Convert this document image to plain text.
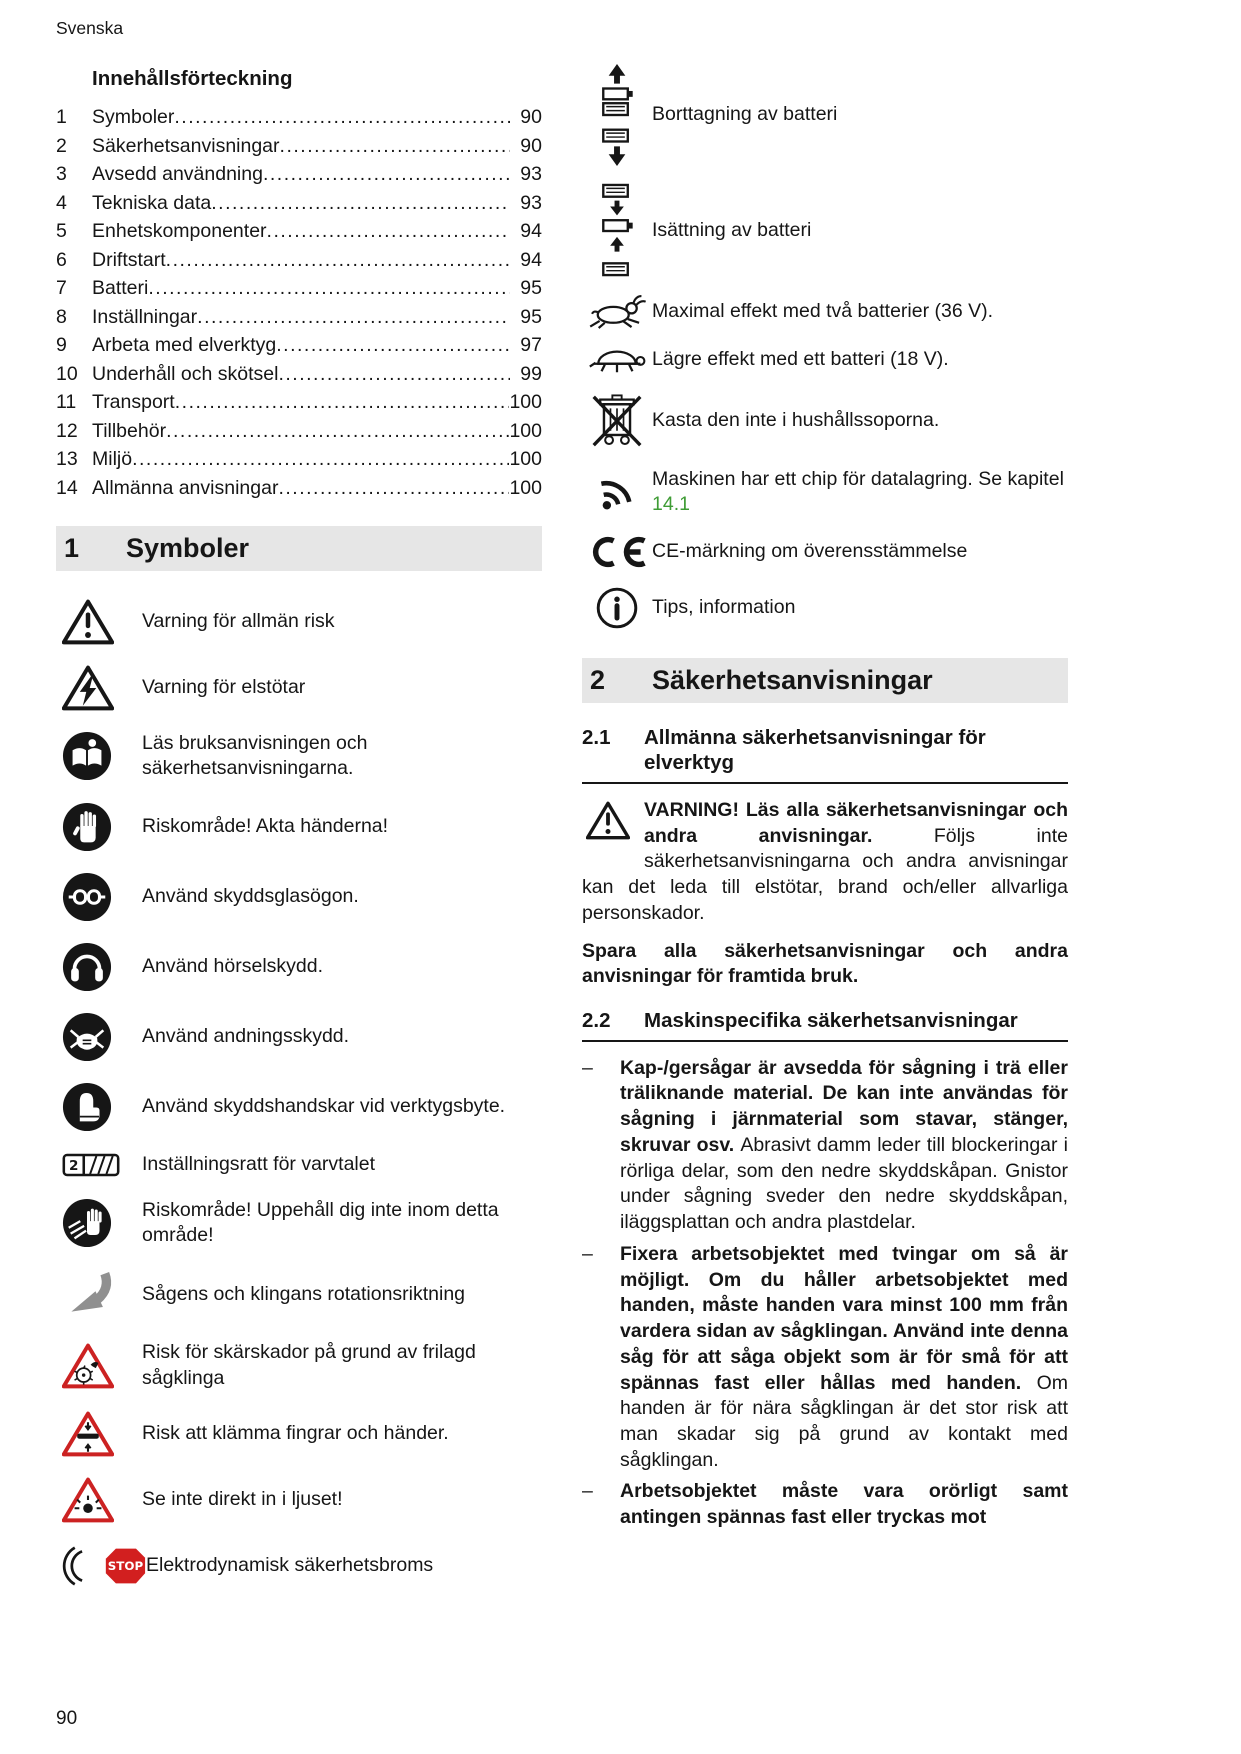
Svenska
Innehållsförteckning
1	Symboler .....	90
2	Säkerhetsanvisningar .....	90
3	Avsedd användning .....	93
4	Tekniska data .....	93
5	Enhetskomponenter .....	94
6	Driftstart .....	94
7	Batteri .....	95
8	Inställningar .....	95
9	Arbeta med elverktyg .....	97
10 Underhåll och skötsel .....	99
11 Transport .....	100
12 Tillbehör .....	100
13 Miljö .....	100
14 Allmänna anvisningar .....	100
1	Symboler
Varning för allmän risk
Varning för elstötar
Läs bruksanvisningen och säkerhetsanvisningarna.
Riskområde! Akta händerna!
Använd skyddsglasögon.
Använd hörselskydd.
Använd andningsskydd.
Använd skyddshandskar vid verktygsbyte.
2	Inställningsratt för varvtalet
Riskområde! Uppehåll dig inte inom detta område!
Sågens och klingans rotationsriktning
Risk för skärskador på grund av frilagd sågklinga
Risk att klämma fingrar och händer.
Se inte direkt in i ljuset!
STOP Elektrodynamisk säkerhetsbroms
Borttagning av batteri
Isättning av batteri
Maximal effekt med två batterier (36 V).
Lägre effekt med ett batteri (18 V).
Kasta den inte i hushållssoporna.
Maskinen har ett chip för datalagring. Se kapitel 14.1
CE-märkning om överensstämmelse
Tips, information
2	Säkerhetsanvisningar
2.1	Allmänna säkerhetsanvisningar för elverktyg
VARNING! Läs alla säkerhetsanvisningar och andra anvisningar. Följs inte säkerhetsanvisningarna och andra anvisningar kan det leda till elstötar, brand och/eller allvarliga personskador.

Spara alla säkerhetsanvisningar och andra anvisningar för framtida bruk.

2.2	Maskinspecifika säkerhetsanvisningar
–
Kap-/gersågar är avsedda för sågning i trä eller träliknande material. De kan inte användas för sågning i järnmaterial som stavar, stänger, skruvar osv. Abrasivt damm leder till blockeringar i rörliga delar, som den nedre skyddskåpan. Gnistor under sågning sveder den nedre skyddskåpan, iläggsplattan och andra plastdelar.
–
Fixera arbetsobjektet med tvingar om så är möjligt. Om du håller arbetsobjektet med handen, måste handen vara minst 100 mm från vardera sidan av sågklingan. Använd inte denna såg för att såga objekt som är för små för att spännas fast eller hållas med handen. Om handen är för nära sågklingan är det stor risk att man skadar sig på grund av kontakt med sågklingan.
–
Arbetsobjektet måste vara orörligt samt antingen spännas fast eller tryckas mot
90
